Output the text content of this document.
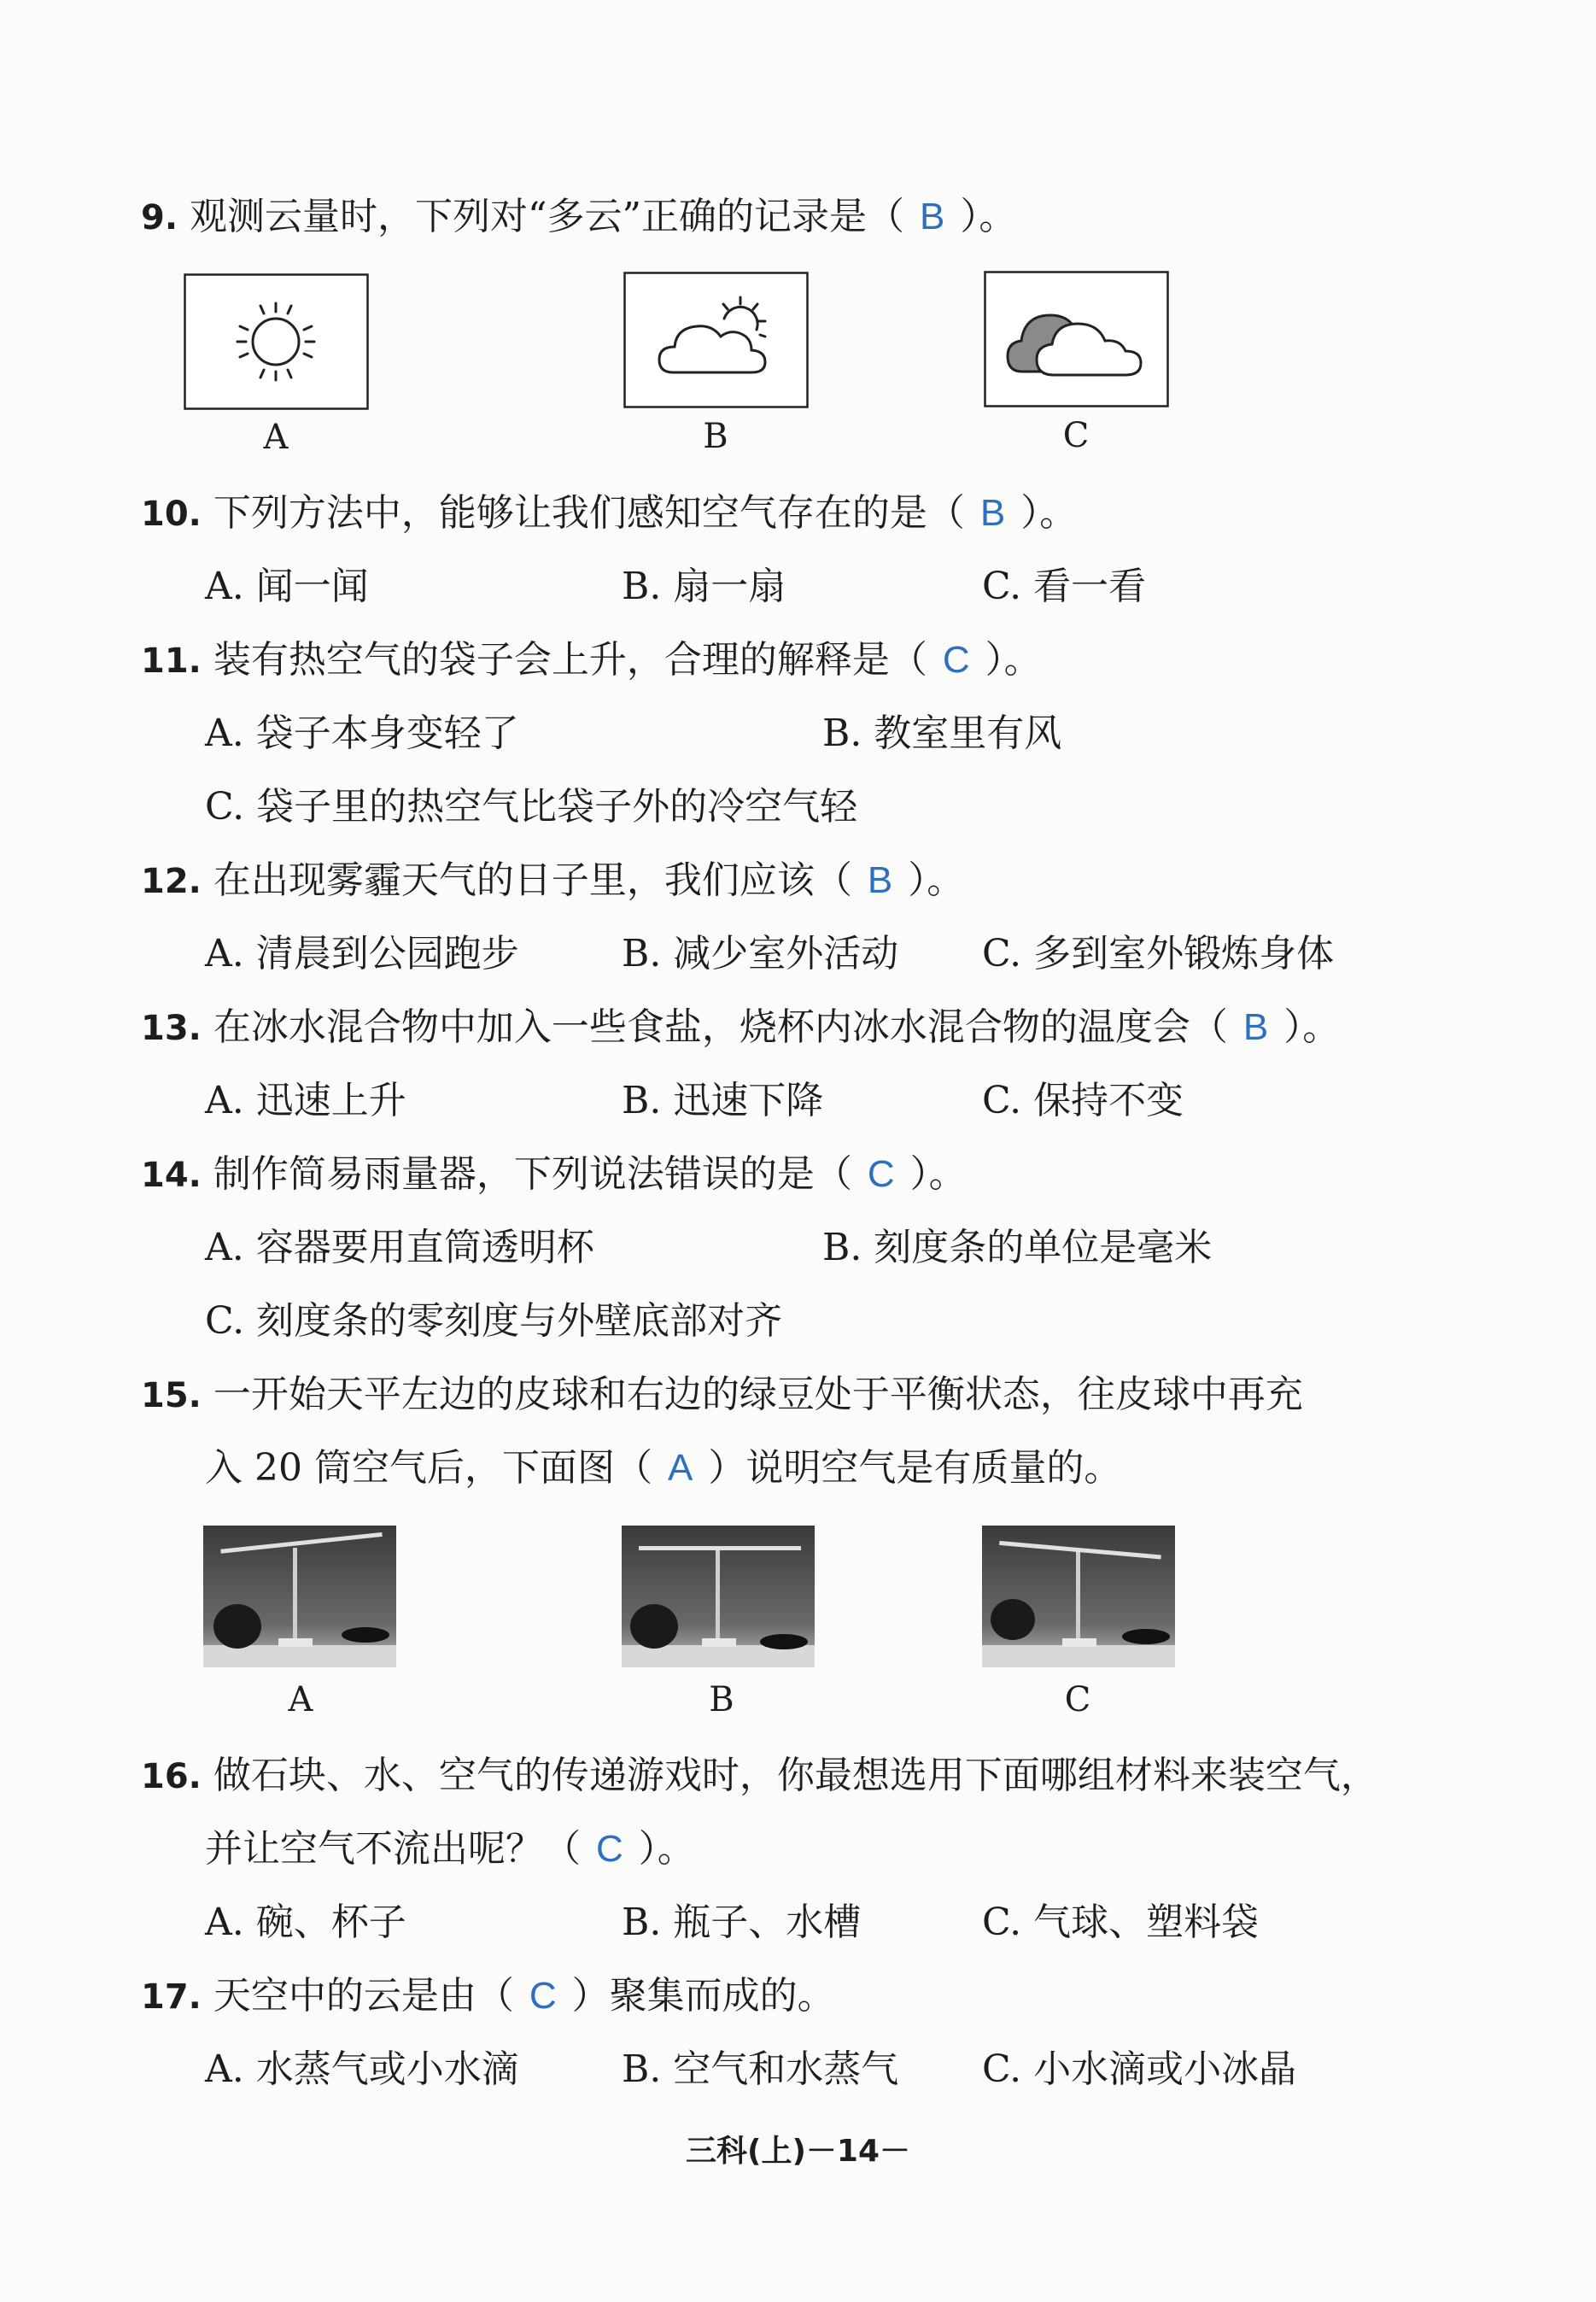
9. 观测云量时，下列对“多云”正确的记录是（ B ）。
A	B	C
10. 下列方法中，能够让我们感知空气存在的是（ B ）。
A. 闻一闻	B. 扇一扇	C. 看一看
11. 装有热空气的袋子会上升，合理的解释是（ C ）。
A. 袋子本身变轻了	B. 教室里有风
C. 袋子里的热空气比袋子外的冷空气轻
12. 在出现雾霾天气的日子里，我们应该（ B ）。
A. 清晨到公园跑步	B. 减少室外活动 C. 多到室外锻炼身体
13. 在冰水混合物中加入一些食盐，烧杯内冰水混合物的温度会（ B ）。
A. 迅速上升	B. 迅速下降	C. 保持不变
14. 制作简易雨量器，下列说法错误的是（ C ）。
A. 容器要用直筒透明杯	B. 刻度条的单位是毫米
C. 刻度条的零刻度与外壁底部对齐
15. 一开始天平左边的皮球和右边的绿豆处于平衡状态，往皮球中再充
入 20 筒空气后，下面图（ A ）说明空气是有质量的。
A	B	C
16. 做石块、水、空气的传递游戏时，你最想选用下面哪组材料来装空气，
并让空气不流出呢？（ C ）。
A. 碗、杯子	B. 瓶子、水槽	C. 气球、塑料袋
17. 天空中的云是由（ C ）聚集而成的。
A. 水蒸气或小水滴	B. 空气和水蒸气 C. 小水滴或小冰晶
三科(上)－14－
